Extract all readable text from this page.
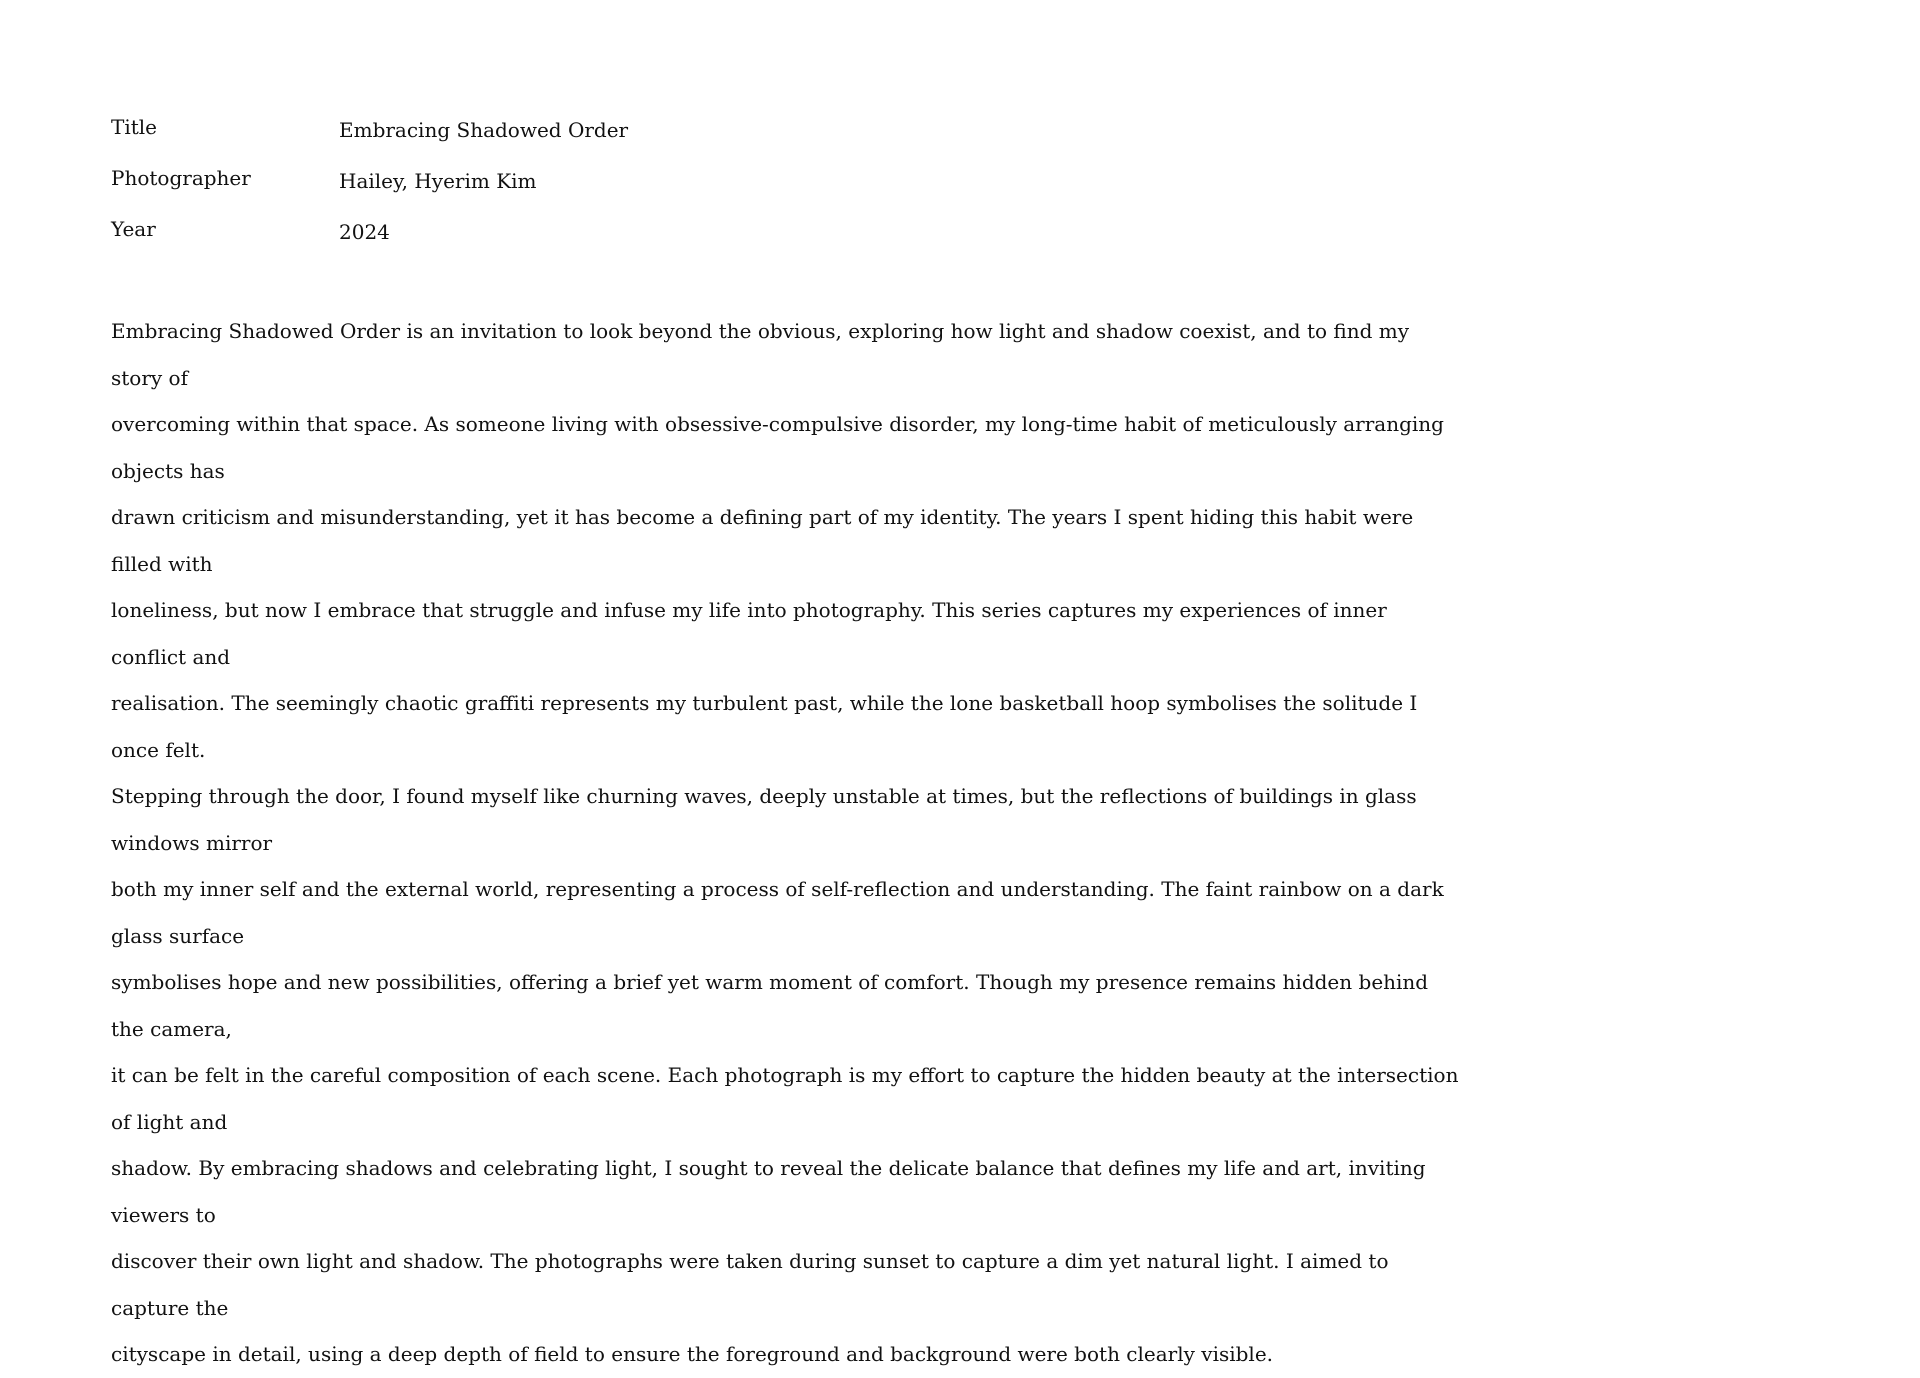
Title	Embracing Shadowed Order
Photographer	Hailey, Hyerim Kim
Year	2024
Embracing Shadowed Order is an invitation to look beyond the obvious, exploring how light and shadow coexist, and to find my story of
overcoming within that space. As someone living with obsessive-compulsive disorder, my long-time habit of meticulously arranging objects has
drawn criticism and misunderstanding, yet it has become a defining part of my identity. The years I spent hiding this habit were filled with
loneliness, but now I embrace that struggle and infuse my life into photography. This series captures my experiences of inner conflict and
realisation. The seemingly chaotic graffiti represents my turbulent past, while the lone basketball hoop symbolises the solitude I once felt.
Stepping through the door, I found myself like churning waves, deeply unstable at times, but the reflections of buildings in glass windows mirror
both my inner self and the external world, representing a process of self-reflection and understanding. The faint rainbow on a dark glass surface
symbolises hope and new possibilities, offering a brief yet warm moment of comfort. Though my presence remains hidden behind the camera,
it can be felt in the careful composition of each scene. Each photograph is my effort to capture the hidden beauty at the intersection of light and
shadow. By embracing shadows and celebrating light, I sought to reveal the delicate balance that defines my life and art, inviting viewers to
discover their own light and shadow. The photographs were taken during sunset to capture a dim yet natural light. I aimed to capture the
cityscape in detail, using a deep depth of field to ensure the foreground and background were both clearly visible.
